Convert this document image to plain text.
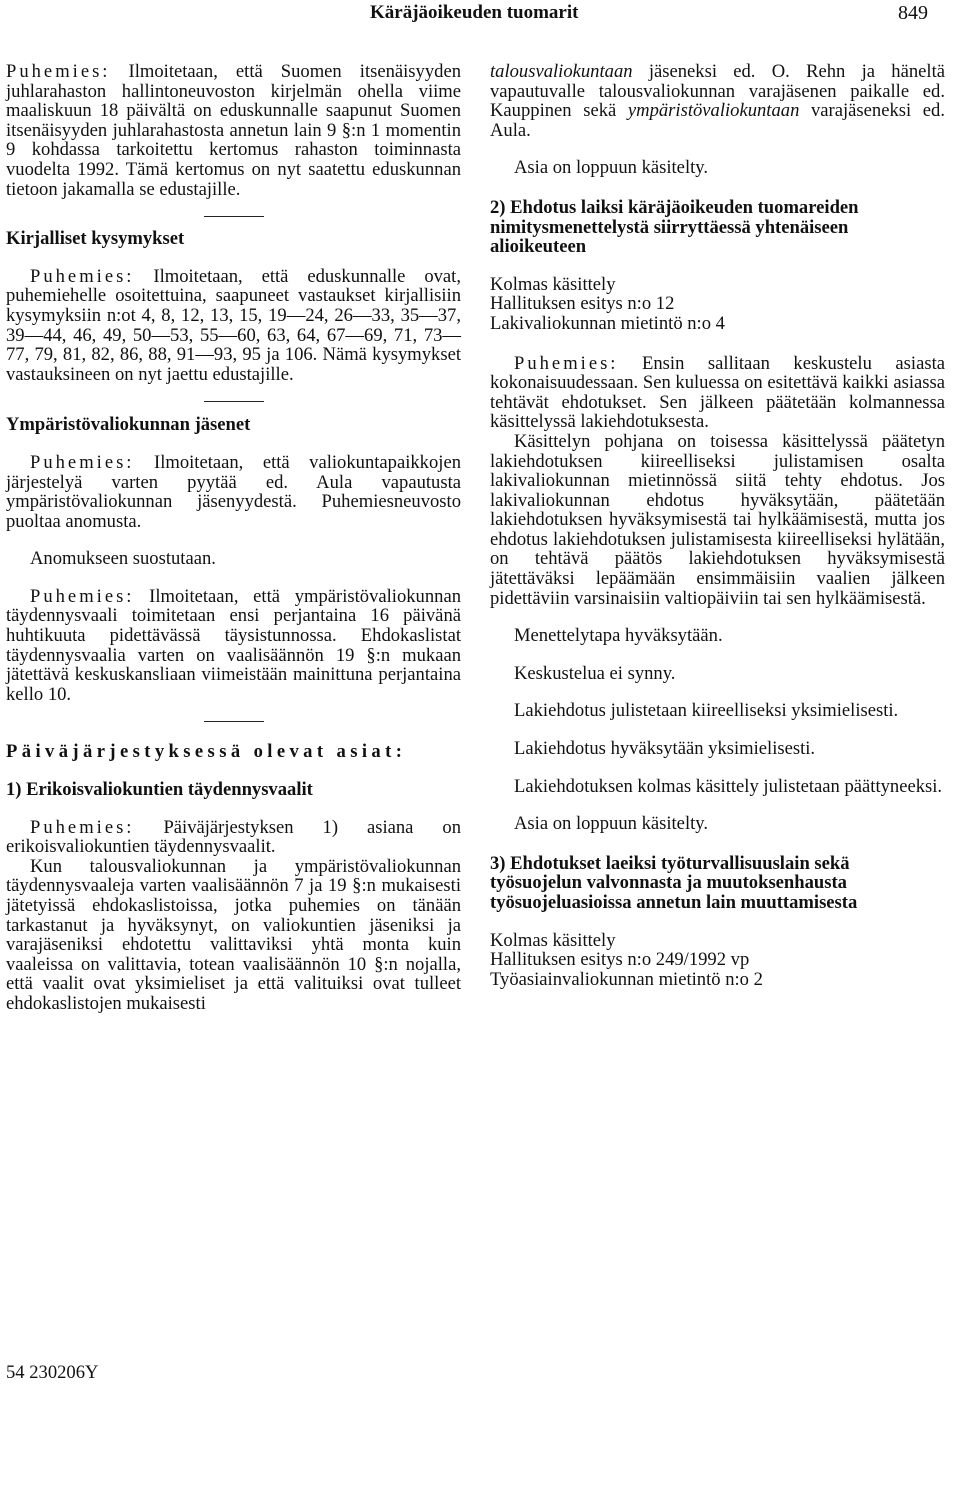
Käräjäoikeuden tuomarit	849

Puhemies: Ilmoitetaan, että Suomen itsenäisyyden juhlarahaston hallintoneuvoston kirjelmän ohella viime maaliskuun 18 päivältä on eduskunnalle saapunut Suomen itsenäisyyden juhlarahastosta annetun lain 9 §:n 1 momentin 9 kohdassa tarkoitettu kertomus rahaston toiminnasta vuodelta 1992. Tämä kertomus on nyt saatettu eduskunnan tietoon jakamalla se edustajille.

Kirjalliset kysymykset

Puhemies: Ilmoitetaan, että eduskunnalle ovat, puhemiehelle osoitettuina, saapuneet vastaukset kirjallisiin kysymyksiin n:ot 4, 8, 12, 13, 15, 19—24, 26—33, 35—37, 39—44, 46, 49, 50—53, 55—60, 63, 64, 67—69, 71, 73—77, 79, 81, 82, 86, 88, 91—93, 95 ja 106. Nämä kysymykset vastauksineen on nyt jaettu edustajille.

Ympäristövaliokunnan jäsenet

Puhemies: Ilmoitetaan, että valiokuntapaikkojen järjestelyä varten pyytää ed. Aula vapautusta ympäristövaliokunnan jäsenyydestä. Puhemiesneuvosto puoltaa anomusta.

Anomukseen suostutaan.

Puhemies: Ilmoitetaan, että ympäristövaliokunnan täydennysvaali toimitetaan ensi perjantaina 16 päivänä huhtikuuta pidettävässä täysistunnossa. Ehdokaslistat täydennysvaalia varten on vaalisäännön 19 §:n mukaan jätettävä keskuskansliaan viimeistään mainittuna perjantaina kello 10.

Päiväjärjestyksessä olevat asiat:

1) Erikoisvaliokuntien täydennysvaalit

Puhemies: Päiväjärjestyksen 1) asiana on erikoisvaliokuntien täydennysvaalit.

Kun talousvaliokunnan ja ympäristövaliokunnan täydennysvaaleja varten vaalisäännön 7 ja 19 §:n mukaisesti jätetyissä ehdokaslistoissa, jotka puhemies on tänään tarkastanut ja hyväksynyt, on valiokuntien jäseniksi ja varajäseniksi ehdotettu valittaviksi yhtä monta kuin vaaleissa on valittavia, totean vaalisäännön 10 §:n nojalla, että vaalit ovat yksimieliset ja että valituiksi ovat tulleet ehdokaslistojen mukaisesti

talousvaliokuntaan jäseneksi ed. O. Rehn ja häneltä vapautuvalle talousvaliokunnan varajäsenen paikalle ed. Kauppinen sekä ympäristövaliokuntaan varajäseneksi ed. Aula.

Asia on loppuun käsitelty.

2) Ehdotus laiksi käräjäoikeuden tuomareiden nimitysmenettelystä siirryttäessä yhtenäiseen alioikeuteen

Kolmas käsittely

Hallituksen esitys n:o 12

Lakivaliokunnan mietintö n:o 4

Puhemies: Ensin sallitaan keskustelu asiasta kokonaisuudessaan. Sen kuluessa on esitettävä kaikki asiassa tehtävät ehdotukset. Sen jälkeen päätetään kolmannessa käsittelyssä lakiehdotuksesta.

Käsittelyn pohjana on toisessa käsittelyssä päätetyn lakiehdotuksen kiireelliseksi julistamisen osalta lakivaliokunnan mietinnössä siitä tehty ehdotus. Jos lakivaliokunnan ehdotus hyväksytään, päätetään lakiehdotuksen hyväksymisestä tai hylkäämisestä, mutta jos ehdotus lakiehdotuksen julistamisesta kiireelliseksi hylätään, on tehtävä päätös lakiehdotuksen hyväksymisestä jätettäväksi lepäämään ensimmäisiin vaalien jälkeen pidettäviin varsinaisiin valtiopäiviin tai sen hylkäämisestä.

Menettelytapa hyväksytään.

Keskustelua ei synny.

Lakiehdotus julistetaan kiireelliseksi yksimielisesti.

Lakiehdotus hyväksytään yksimielisesti.

Lakiehdotuksen kolmas käsittely julistetaan päättyneeksi.

Asia on loppuun käsitelty.

3) Ehdotukset laeiksi työturvallisuuslain sekä työsuojelun valvonnasta ja muutoksenhausta työsuojeluasioissa annetun lain muuttamisesta

Kolmas käsittely

Hallituksen esitys n:o 249/1992 vp

Työasiainvaliokunnan mietintö n:o 2

54 230206Y
